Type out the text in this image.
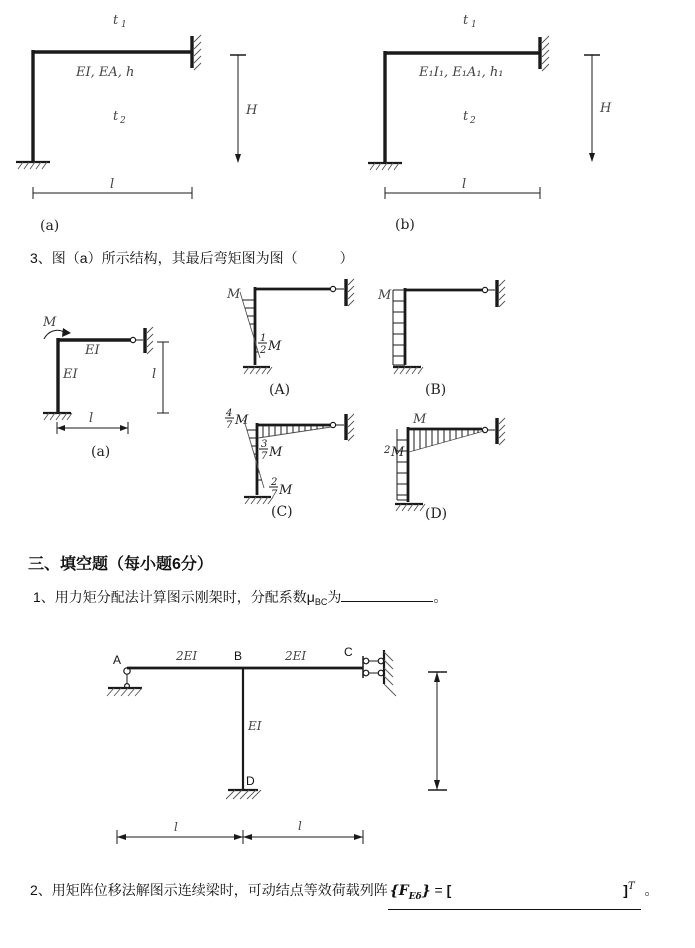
t 1
EI, EA, h
t 2
H
l
(a)
t 1
E₁I₁, E₁A₁, h₁
t 2
H
l
(b)
3、图（a）所示结构，其最后弯矩图为图（　　　）
M
EI
EI	l
l
(a)
M
1
2 M
(A)
M
(B)
4
7 M
3
7 M
2
7 M
(C)
M
2 M
(D)
三、填空题（每小题6分）
1、用力矩分配法计算图示刚架时，分配系数$\mu_{BC}$为	。
A	2EI	B	2EI	C
EI
D
l	l
2、用矩阵位移法解图示连续梁时，可动结点等效荷载列阵 $\{F_{E\delta}\}$ = [	]$^T$ 。
